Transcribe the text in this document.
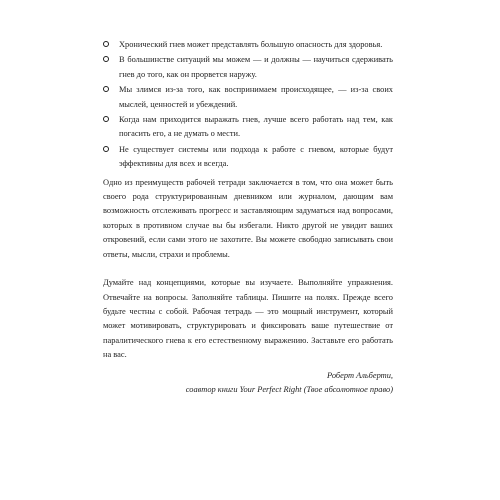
Хронический гнев может представлять большую опасность для здоровья.
В большинстве ситуаций мы можем — и должны — научиться сдерживать гнев до того, как он прорвется наружу.
Мы злимся из-за того, как воспринимаем происходящее, — из-за своих мыслей, ценностей и убеждений.
Когда нам приходится выражать гнев, лучше всего работать над тем, как погасить его, а не думать о мести.
Не существует системы или подхода к работе с гневом, которые будут эффективны для всех и всегда.

Одно из преимуществ рабочей тетради заключается в том, что она может быть своего рода структурированным дневником или журналом, дающим вам возможность отслеживать прогресс и заставляющим задуматься над вопросами, которых в противном случае вы бы избегали. Никто другой не увидит ваших откровений, если сами этого не захотите. Вы можете свободно записывать свои ответы, мысли, страхи и проблемы.

Думайте над концепциями, которые вы изучаете. Выполняйте упражнения. Отвечайте на вопросы. Заполняйте таблицы. Пишите на полях. Прежде всего будьте честны с собой. Рабочая тетрадь — это мощный инструмент, который может мотивировать, структурировать и фиксировать ваше путешествие от паралитического гнева к его естественному выражению. Заставьте его работать на вас.

Роберт Альберти,
соавтор книги Your Perfect Right (Твое абсолютное право)
